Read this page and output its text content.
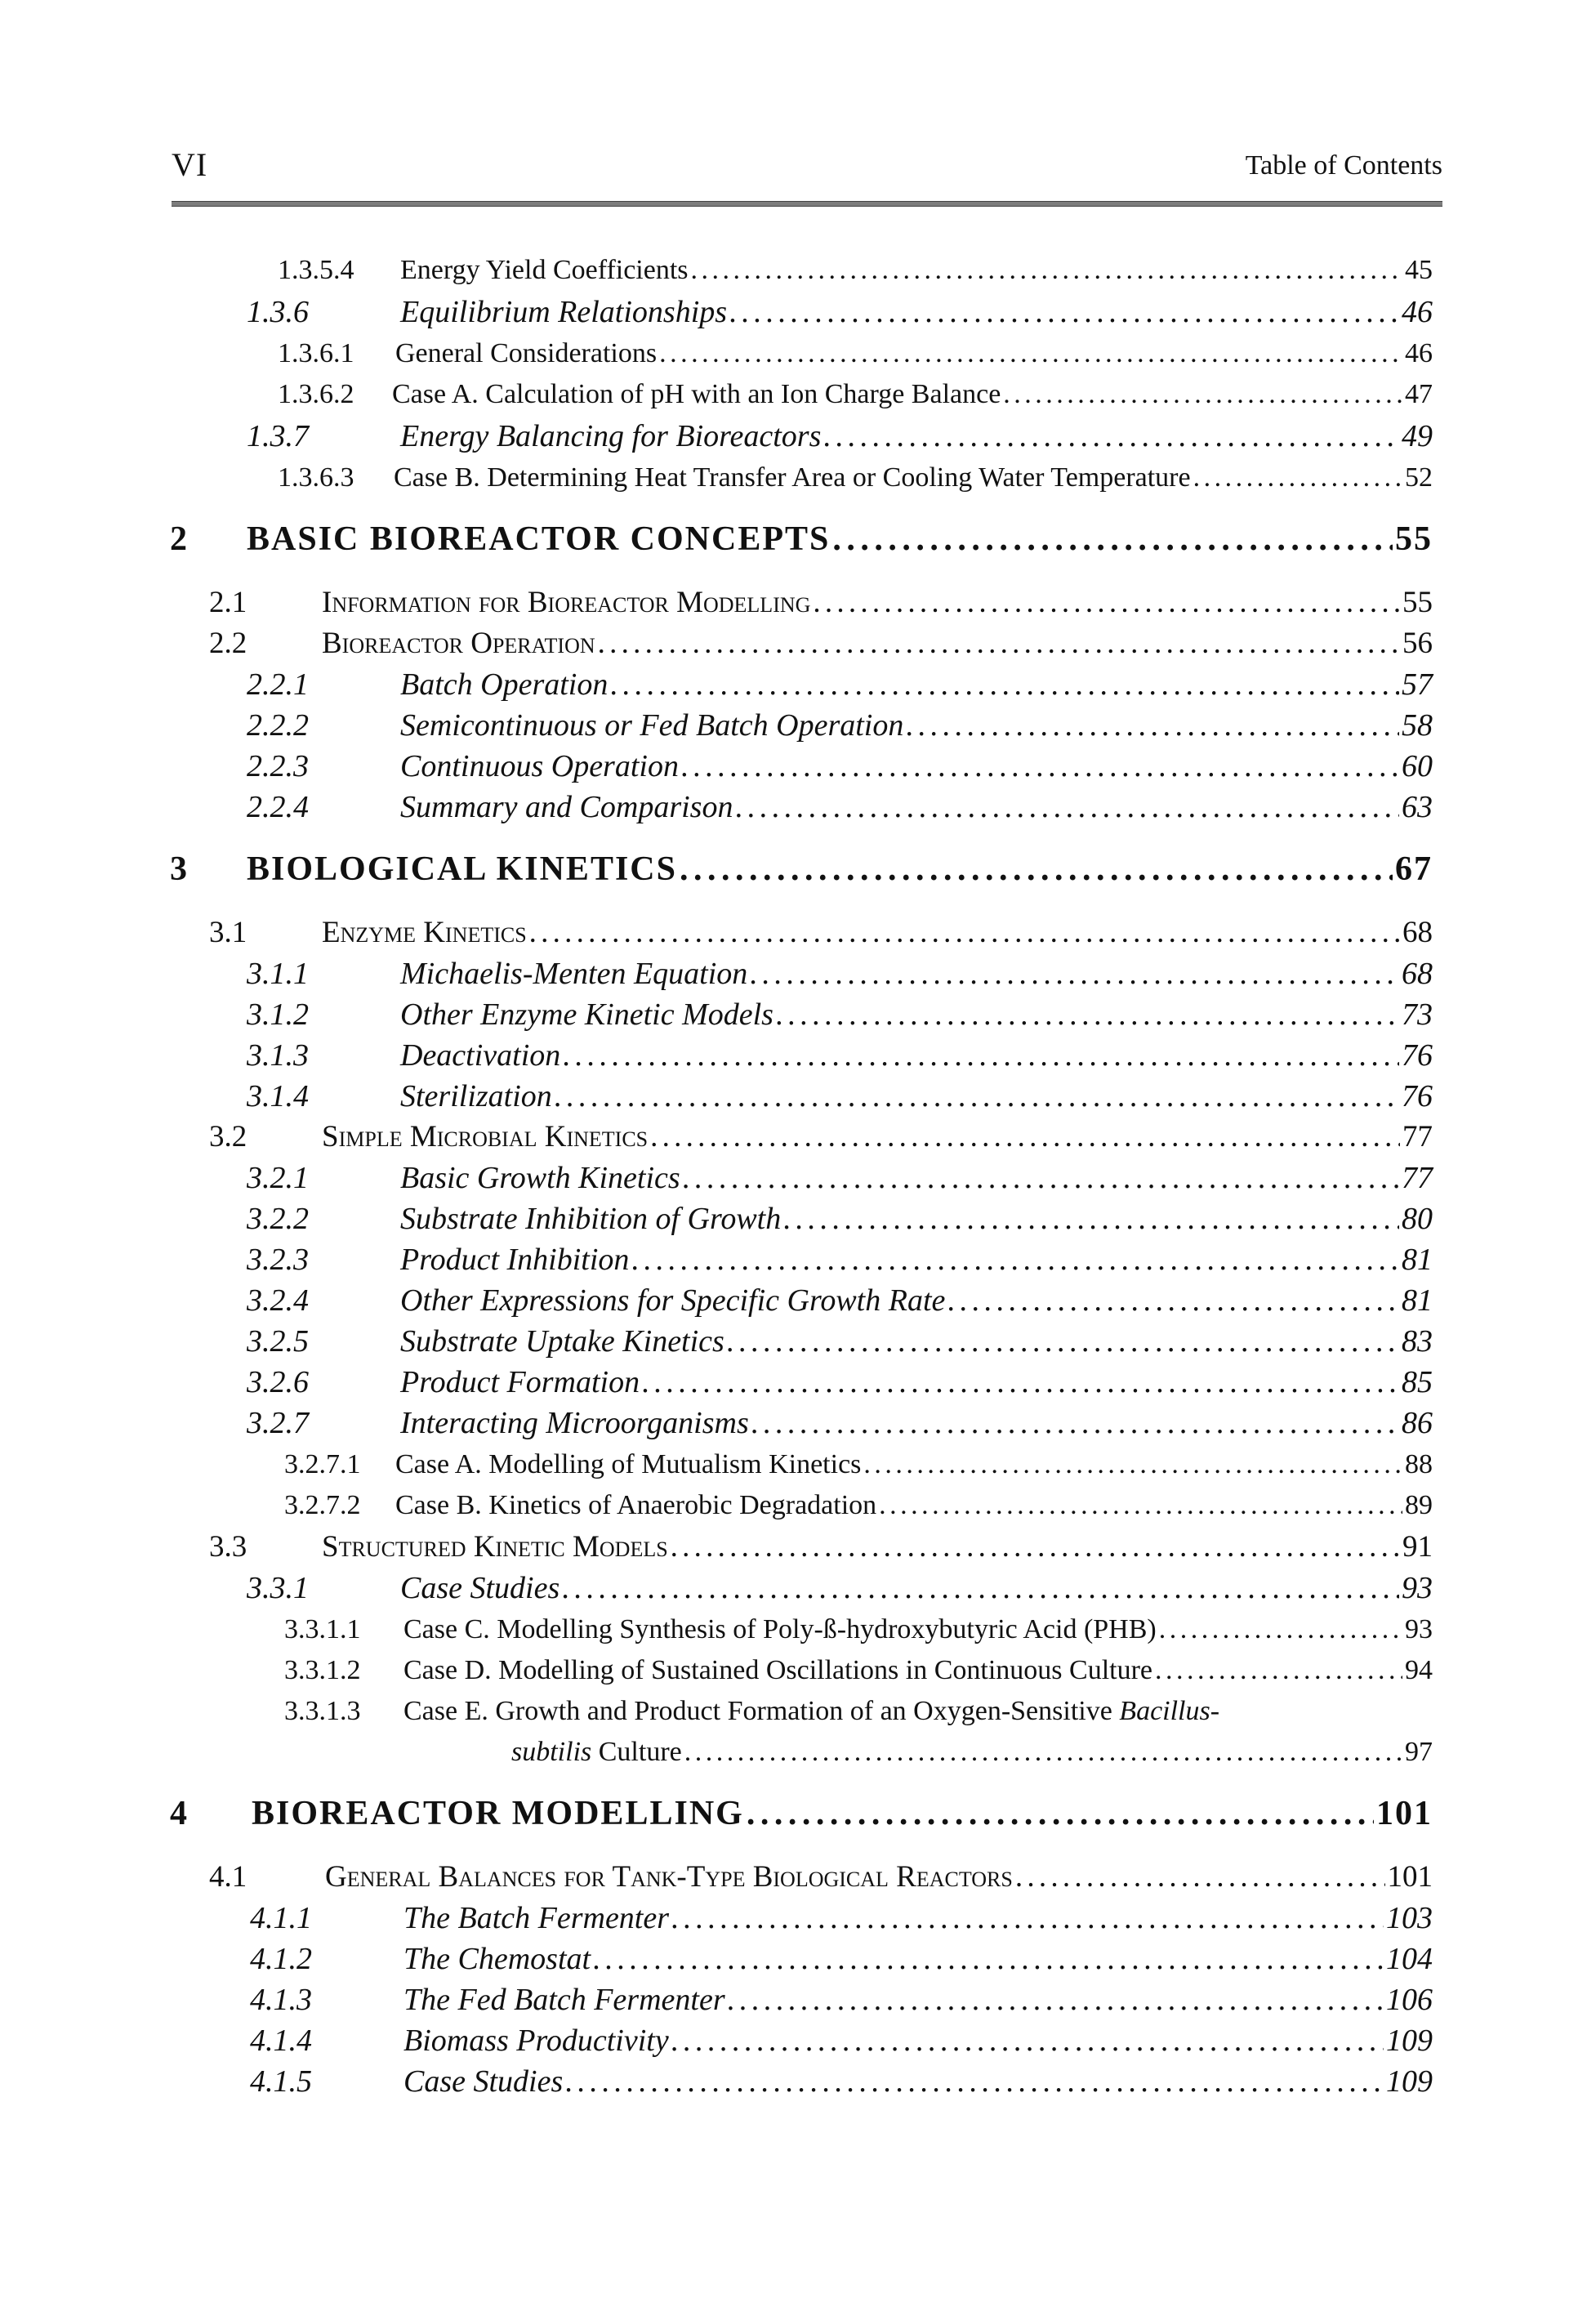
VI	Table of Contents
1.3.5.4	Energy Yield Coefficients . . .	45
1.3.6	Equilibrium Relationships . . .	46
1.3.6.1	General Considerations . . .	46
1.3.6.2	Case A. Calculation of pH with an Ion Charge Balance . . .	47
1.3.7	Energy Balancing for Bioreactors . . .	49
1.3.6.3	Case B. Determining Heat Transfer Area or Cooling Water Temperature . . .	52
2	BASIC BIOREACTOR CONCEPTS . . .	55
2.1	Information for Bioreactor Modelling . . .	55
2.2	Bioreactor Operation . . .	56
2.2.1	Batch Operation . . .	57
2.2.2	Semicontinuous or Fed Batch Operation . . .	58
2.2.3	Continuous Operation . . .	60
2.2.4	Summary and Comparison . . .	63
3	BIOLOGICAL KINETICS . . .	67
3.1	Enzyme Kinetics . . .	68
3.1.1	Michaelis-Menten Equation . . .	68
3.1.2	Other Enzyme Kinetic Models . . .	73
3.1.3	Deactivation . . .	76
3.1.4	Sterilization . . .	76
3.2	Simple Microbial Kinetics . . .	77
3.2.1	Basic Growth Kinetics . . .	77
3.2.2	Substrate Inhibition of Growth . . .	80
3.2.3	Product Inhibition . . .	81
3.2.4	Other Expressions for Specific Growth Rate . . .	81
3.2.5	Substrate Uptake Kinetics . . .	83
3.2.6	Product Formation . . .	85
3.2.7	Interacting Microorganisms . . .	86
3.2.7.1	Case A. Modelling of Mutualism Kinetics . . .	88
3.2.7.2	Case B. Kinetics of Anaerobic Degradation . . .	89
3.3	Structured Kinetic Models . . .	91
3.3.1	Case Studies . . .	93
3.3.1.1	Case C. Modelling Synthesis of Poly-ß-hydroxybutyric Acid (PHB) . . .	93
3.3.1.2	Case D. Modelling of Sustained Oscillations in Continuous Culture . . .	94
3.3.1.3 Case E. Growth and Product Formation of an Oxygen-Sensitive Bacillus-
subtilis Culture . . .	97
4	BIOREACTOR MODELLING . . .	101
4.1	General Balances for Tank-Type Biological Reactors . . .	101
4.1.1	The Batch Fermenter . . .	103
4.1.2	The Chemostat . . .	104
4.1.3	The Fed Batch Fermenter . . .	106
4.1.4	Biomass Productivity . . .	109
4.1.5	Case Studies . . .	109
